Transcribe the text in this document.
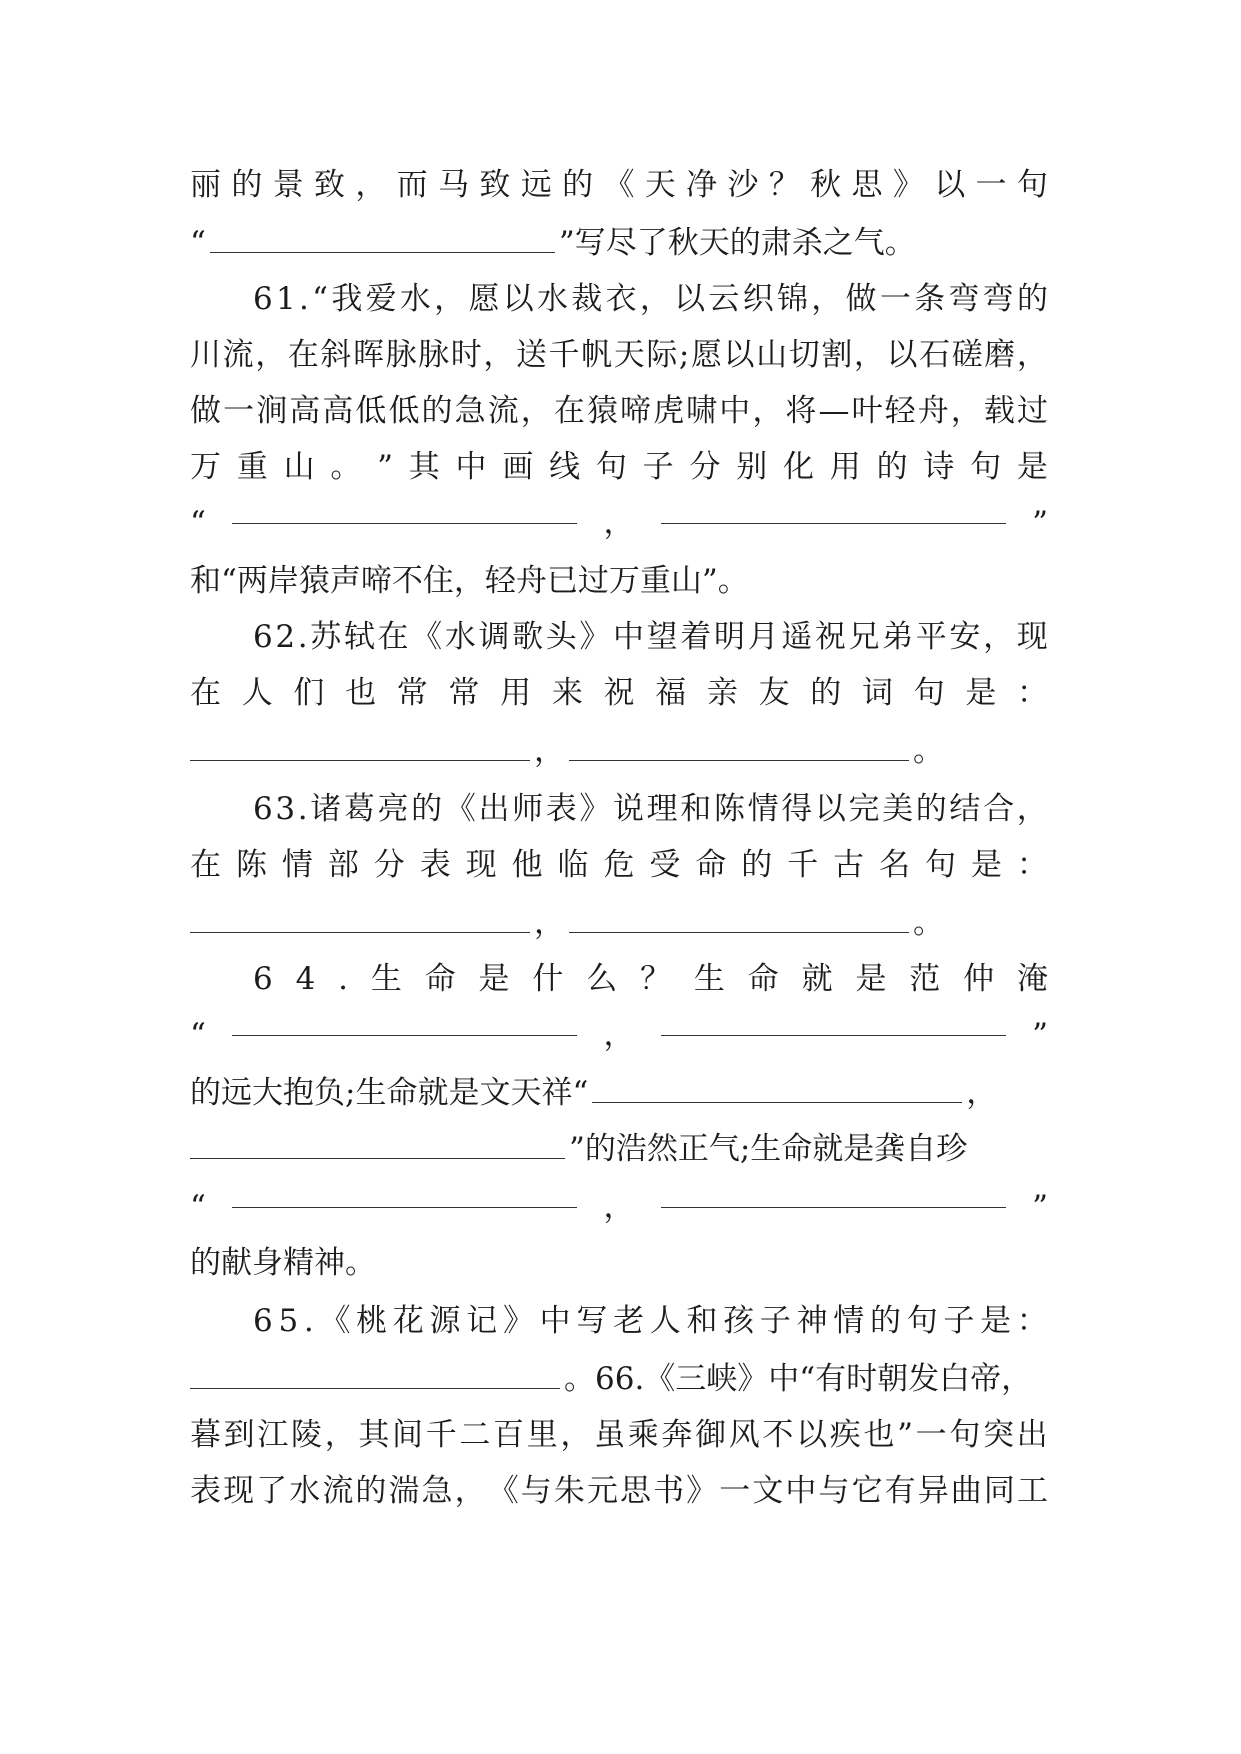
丽 的 景 致 ， 而 马 致 远 的 《 天 净 沙 ？ 秋 思 》 以 一 句
“	”写尽了秋天的肃杀之气。
6 1 . “ 我 爱 水 ， 愿 以 水 裁 衣 ， 以 云 织 锦 ， 做 一 条 弯 弯 的
川 流 ， 在 斜 晖 脉 脉 时 ， 送 千 帆 天 际 ; 愿 以 山 切 割 ， 以 石 磋 磨 ，
做 一 涧 高 高 低 低 的 急 流 ， 在 猿 啼 虎 啸 中 ， 将 — 叶 轻 舟 ， 载 过
万 重 山 。 ” 其 中 画 线 句 子 分 别 化 用 的 诗 句 是
“	，	”
和“两岸猿声啼不住，轻舟已过万重山”。
6 2 . 苏 轼 在 《 水 调 歌 头 》 中 望 着 明 月 遥 祝 兄 弟 平 安 ， 现
在 人 们 也 常 常 用 来 祝 福 亲 友 的 词 句 是 ：
，	。
6 3 . 诸 葛 亮 的 《 出 师 表 》 说 理 和 陈 情 得 以 完 美 的 结 合 ，
在 陈 情 部 分 表 现 他 临 危 受 命 的 千 古 名 句 是 ：
，	。
6 4 . 生 命 是 什 么 ？ 生 命 就 是 范 仲 淹
“	，	”
的远大抱负;生命就是文天祥“	，
”的浩然正气;生命就是龚自珍
“	，	”
的献身精神。
6 5 . 《 桃 花 源 记 》 中 写 老 人 和 孩 子 神 情 的 句 子 是 ：
。66.《三峡》中“有时朝发白帝，
暮 到 江 陵 ， 其 间 千 二 百 里 ， 虽 乘 奔 御 风 不 以 疾 也 ” 一 句 突 出
表 现 了 水 流 的 湍 急 ， 《 与 朱 元 思 书 》 一 文 中 与 它 有 异 曲 同 工
